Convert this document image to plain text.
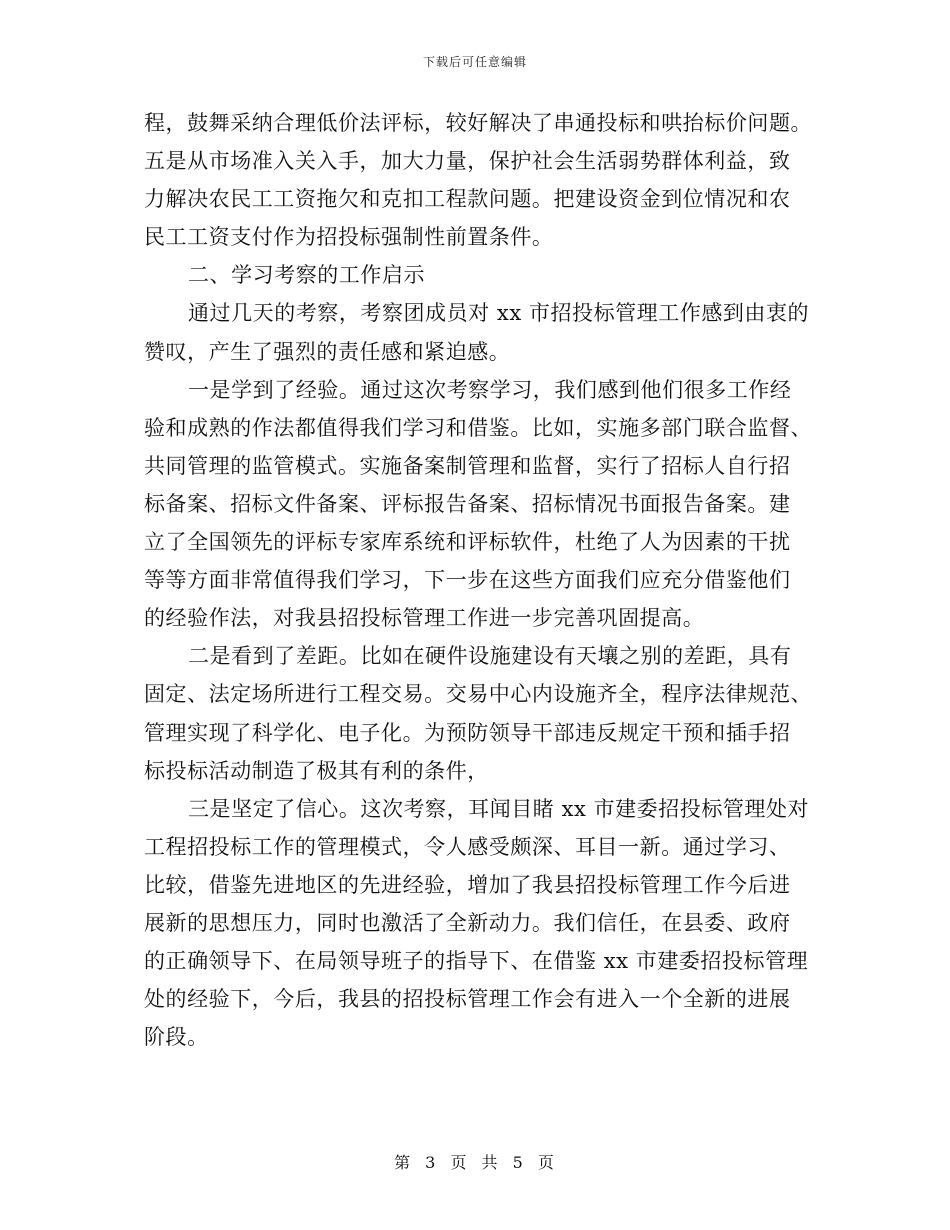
下载后可任意编辑
程，鼓舞采纳合理低价法评标，较好解决了串通投标和哄抬标价问题。
五是从市场准入关入手，加大力量，保护社会生活弱势群体利益，致
力解决农民工工资拖欠和克扣工程款问题。把建设资金到位情况和农
民工工资支付作为招投标强制性前置条件。
二、学习考察的工作启示
通过几天的考察，考察团成员对 xx 市招投标管理工作感到由衷的
赞叹，产生了强烈的责任感和紧迫感。
一是学到了经验。通过这次考察学习，我们感到他们很多工作经
验和成熟的作法都值得我们学习和借鉴。比如，实施多部门联合监督、
共同管理的监管模式。实施备案制管理和监督，实行了招标人自行招
标备案、招标文件备案、评标报告备案、招标情况书面报告备案。建
立了全国领先的评标专家库系统和评标软件，杜绝了人为因素的干扰
等等方面非常值得我们学习，下一步在这些方面我们应充分借鉴他们
的经验作法，对我县招投标管理工作进一步完善巩固提高。
二是看到了差距。比如在硬件设施建设有天壤之别的差距，具有
固定、法定场所进行工程交易。交易中心内设施齐全，程序法律规范、
管理实现了科学化、电子化。为预防领导干部违反规定干预和插手招
标投标活动制造了极其有利的条件，
三是坚定了信心。这次考察，耳闻目睹 xx 市建委招投标管理处对
工程招投标工作的管理模式，令人感受颇深、耳目一新。通过学习、
比较，借鉴先进地区的先进经验，增加了我县招投标管理工作今后进
展新的思想压力，同时也激活了全新动力。我们信任，在县委、政府
的正确领导下、在局领导班子的指导下、在借鉴 xx 市建委招投标管理
处的经验下，今后，我县的招投标管理工作会有进入一个全新的进展
阶段。
第 3 页 共 5 页
